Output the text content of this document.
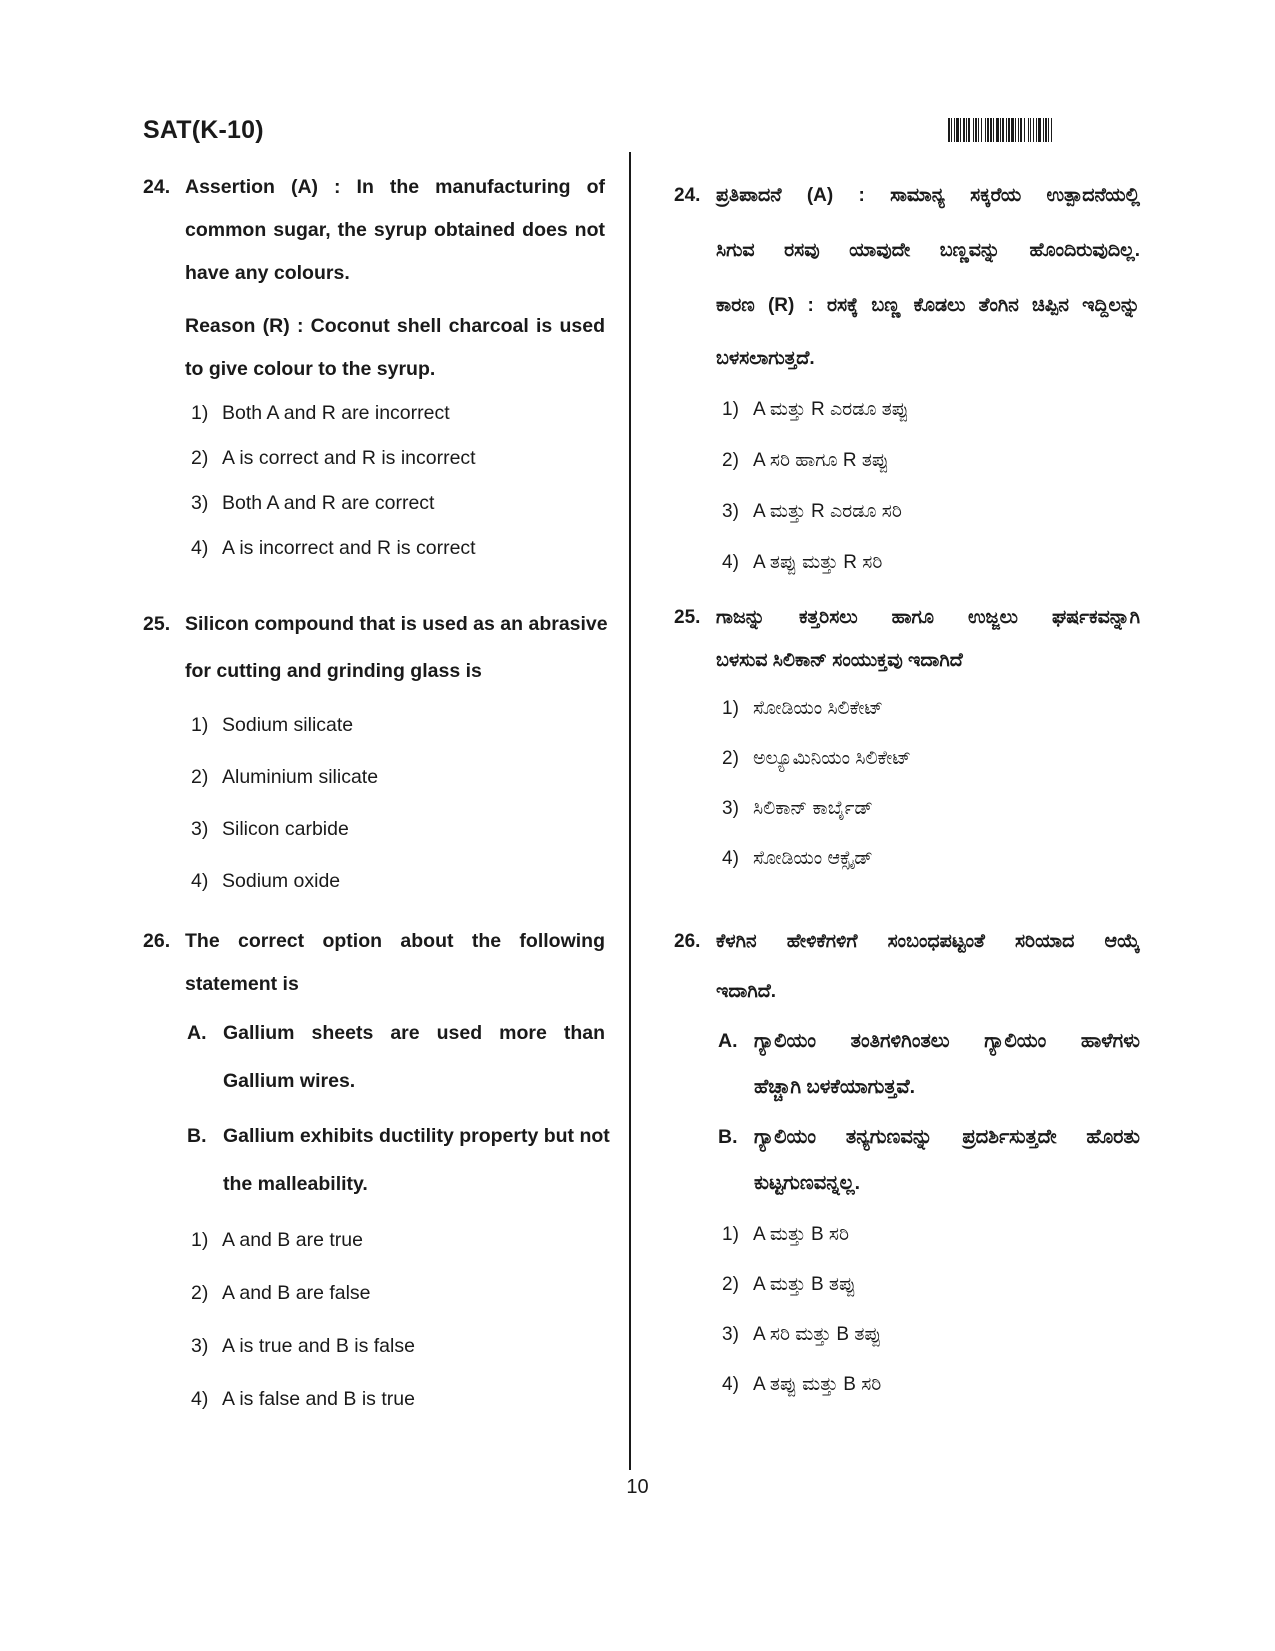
SAT(K-10)
24. Assertion (A) : In the manufacturing of
common sugar, the syrup obtained does not
have any colours.
Reason (R) : Coconut shell charcoal is used
to give colour to the syrup.
1) Both A and R are incorrect
2) A is correct and R is incorrect
3) Both A and R are correct
4) A is incorrect and R is correct
25. Silicon compound that is used as an abrasive
for cutting and grinding glass is
1) Sodium silicate
2) Aluminium silicate
3) Silicon carbide
4) Sodium oxide
26. The correct option about the following
statement is
A. Gallium sheets are used more than
Gallium wires.
B. Gallium exhibits ductility property but not
the malleability.
1) A and B are true
2) A and B are false
3) A is true and B is false
4) A is false and B is true
24. ಪ್ರತಿಪಾದನೆ (A) : ಸಾಮಾನ್ಯ ಸಕ್ಕರೆಯ ಉತ್ಪಾದನೆಯಲ್ಲಿ
ಸಿಗುವ ರಸವು ಯಾವುದೇ ಬಣ್ಣವನ್ನು ಹೊಂದಿರುವುದಿಲ್ಲ.
ಕಾರಣ (R) : ರಸಕ್ಕೆ ಬಣ್ಣ ಕೊಡಲು ತೆಂಗಿನ ಚಿಪ್ಪಿನ ಇದ್ದಿಲನ್ನು
ಬಳಸಲಾಗುತ್ತದೆ.
1) A ಮತ್ತು R ಎರಡೂ ತಪ್ಪು
2) A ಸರಿ ಹಾಗೂ R ತಪ್ಪು
3) A ಮತ್ತು R ಎರಡೂ ಸರಿ
4) A ತಪ್ಪು ಮತ್ತು R ಸರಿ
25. ಗಾಜನ್ನು ಕತ್ತರಿಸಲು ಹಾಗೂ ಉಜ್ಜಲು ಘರ್ಷಕವನ್ನಾಗಿ
ಬಳಸುವ ಸಿಲಿಕಾನ್ ಸಂಯುಕ್ತವು ಇದಾಗಿದೆ
1) ಸೋಡಿಯಂ ಸಿಲಿಕೇಟ್
2) ಅಲ್ಯೂಮಿನಿಯಂ ಸಿಲಿಕೇಟ್
3) ಸಿಲಿಕಾನ್ ಕಾರ್ಬೈಡ್
4) ಸೋಡಿಯಂ ಆಕ್ಸೈಡ್
26. ಕೆಳಗಿನ ಹೇಳಿಕೆಗಳಿಗೆ ಸಂಬಂಧಪಟ್ಟಂತೆ ಸರಿಯಾದ ಆಯ್ಕೆ
ಇದಾಗಿದೆ.
A. ಗ್ಯಾಲಿಯಂ ತಂತಿಗಳಿಗಿಂತಲು ಗ್ಯಾಲಿಯಂ ಹಾಳೆಗಳು
ಹೆಚ್ಚಾಗಿ ಬಳಕೆಯಾಗುತ್ತವೆ.
B. ಗ್ಯಾಲಿಯಂ ತನ್ಯಗುಣವನ್ನು ಪ್ರದರ್ಶಿಸುತ್ತದೇ ಹೊರತು
ಕುಟ್ಟಗುಣವನ್ನಲ್ಲ.
1) A ಮತ್ತು B ಸರಿ
2) A ಮತ್ತು B ತಪ್ಪು
3) A ಸರಿ ಮತ್ತು B ತಪ್ಪು
4) A ತಪ್ಪು ಮತ್ತು B ಸರಿ
10
